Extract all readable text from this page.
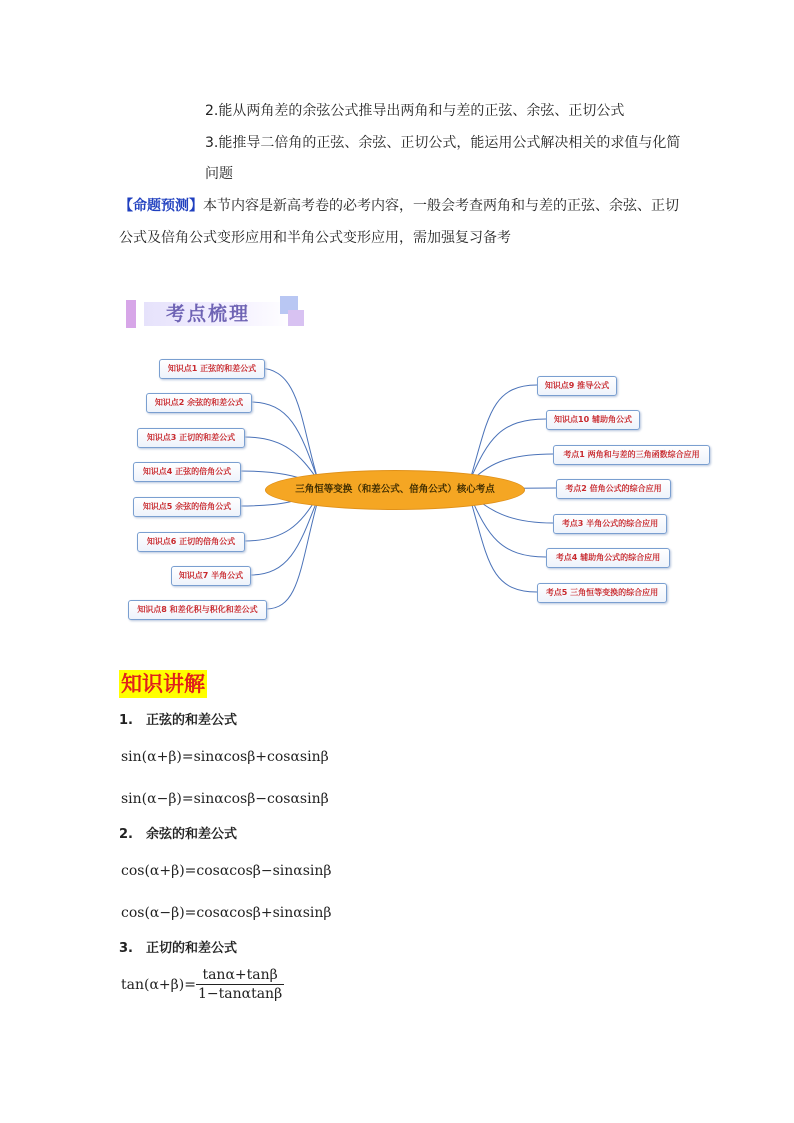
2.能从两角差的余弦公式推导出两角和与差的正弦、余弦、正切公式
3.能推导二倍角的正弦、余弦、正切公式，能运用公式解决相关的求值与化简
问题
【命题预测】本节内容是新高考卷的必考内容，一般会考查两角和与差的正弦、余弦、正切
公式及倍角公式变形应用和半角公式变形应用，需加强复习备考
考点梳理
知识点1 正弦的和差公式
知识点2 余弦的和差公式
知识点3 正切的和差公式
知识点4 正弦的倍角公式
知识点5 余弦的倍角公式
知识点6 正切的倍角公式
知识点7 半角公式
知识点8 和差化积与积化和差公式
三角恒等变换（和差公式、倍角公式）核心考点
知识点9 推导公式
知识点10 辅助角公式
考点1 两角和与差的三角函数综合应用
考点2 倍角公式的综合应用
考点3 半角公式的综合应用
考点4 辅助角公式的综合应用
考点5 三角恒等变换的综合应用
知识讲解
1.　正弦的和差公式
sin(α+β)=sinαcosβ+cosαsinβ
sin(α−β)=sinαcosβ−cosαsinβ
2.　余弦的和差公式
cos(α+β)=cosαcosβ−sinαsinβ
cos(α−β)=cosαcosβ+sinαsinβ
3.　正切的和差公式
tan(α+β)=
tanα+tanβ
1−tanαtanβ
